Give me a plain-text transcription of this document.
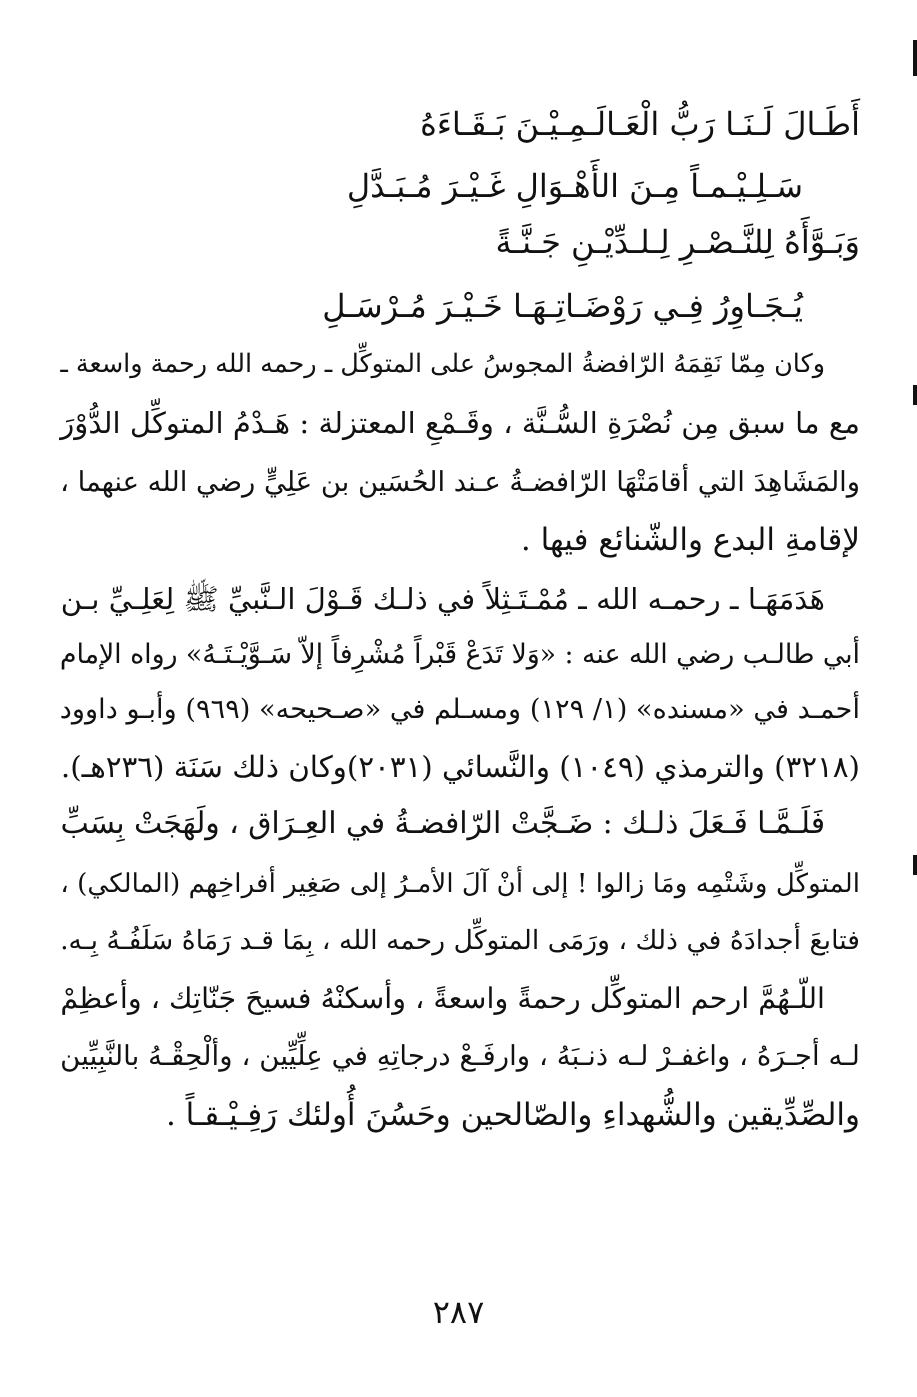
أَطَـالَ لَـنَـا رَبُّ الْعَـالَـمِـيْـنَ بَـقَـاءَهُ
سَـلِـيْـمـاً مِـنَ الأَهْـوَالِ غَـيْـرَ مُـبَـدَّلِ
وَبَـوَّأَهُ لِلنَّـصْـرِ لِـلـدِّيْـنِ جَـنَّـةً
يُـجَـاوِرُ فِـي رَوْضَـاتِـهَـا خَـيْـرَ مُـرْسَـلِ
وكان مِمّا نَقِمَهُ الرّافضةُ المجوسُ على المتوكِّل ـ رحمه الله رحمة واسعة ـ
مع ما سبق مِن نُصْرَةِ السُّـنَّة ، وقَـمْعِ المعتزلة : هَـدْمُ المتوكِّل الدُّوْرَ
والمَشَاهِدَ التي أقامَتْهَا الرّافضـةُ عـند الحُسَين بن عَلِيٍّ رضي الله عنهما ،
لإقامةِ البدع والشّنائع فيها .
هَدَمَهَـا ـ رحمـه الله ـ مُمْـتَـثِلاً في ذلـك قَـوْلَ الـنَّبيِّ ﷺ لِعَلِـيِّ بـن
أبي طالـب رضي الله عنه : «وَلا تَدَعْ قَبْراً مُشْرِفاً إلاّ سَـوَّيْـتَـهُ» رواه الإمام
أحمـد في «مسنده» (١/ ١٢٩) ومسـلم في «صـحيحه» (٩٦٩) وأبـو داوود
(٣٢١٨) والترمذي (١٠٤٩) والنَّسائي (٢٠٣١)وكان ذلك سَنَة (٢٣٦هـ).
فَلَـمَّـا فَـعَلَ ذلـك : ضَـجَّتْ الرّافضـةُ في العِـرَاق ، ولَهَجَتْ بِسَبِّ
المتوكِّل وشَتْمِه ومَا زالوا ! إلى أنْ آلَ الأمـرُ إلى صَغِير أفراخِهم (المالكي) ،
فتابعَ أجدادَهُ في ذلك ، ورَمَى المتوكِّل رحمه الله ، بِمَا قـد رَمَاهُ سَلَفُـهُ بِـه.
اللّـهُمَّ ارحم المتوكِّل رحمةً واسعةً ، وأسكنْهُ فسيحَ جَنّاتِك ، وأعظِمْ
لـه أجـرَهُ ، واغفـرْ لـه ذنـبَهُ ، وارفَـعْ درجاتِهِ في عِلِّيِّين ، وألْحِقْـهُ بالنَّبِيِّين
والصِّدِّيقين والشُّهداءِ والصّالحين وحَسُنَ أُولئك رَفِـيْـقـاً .
٢٨٧
